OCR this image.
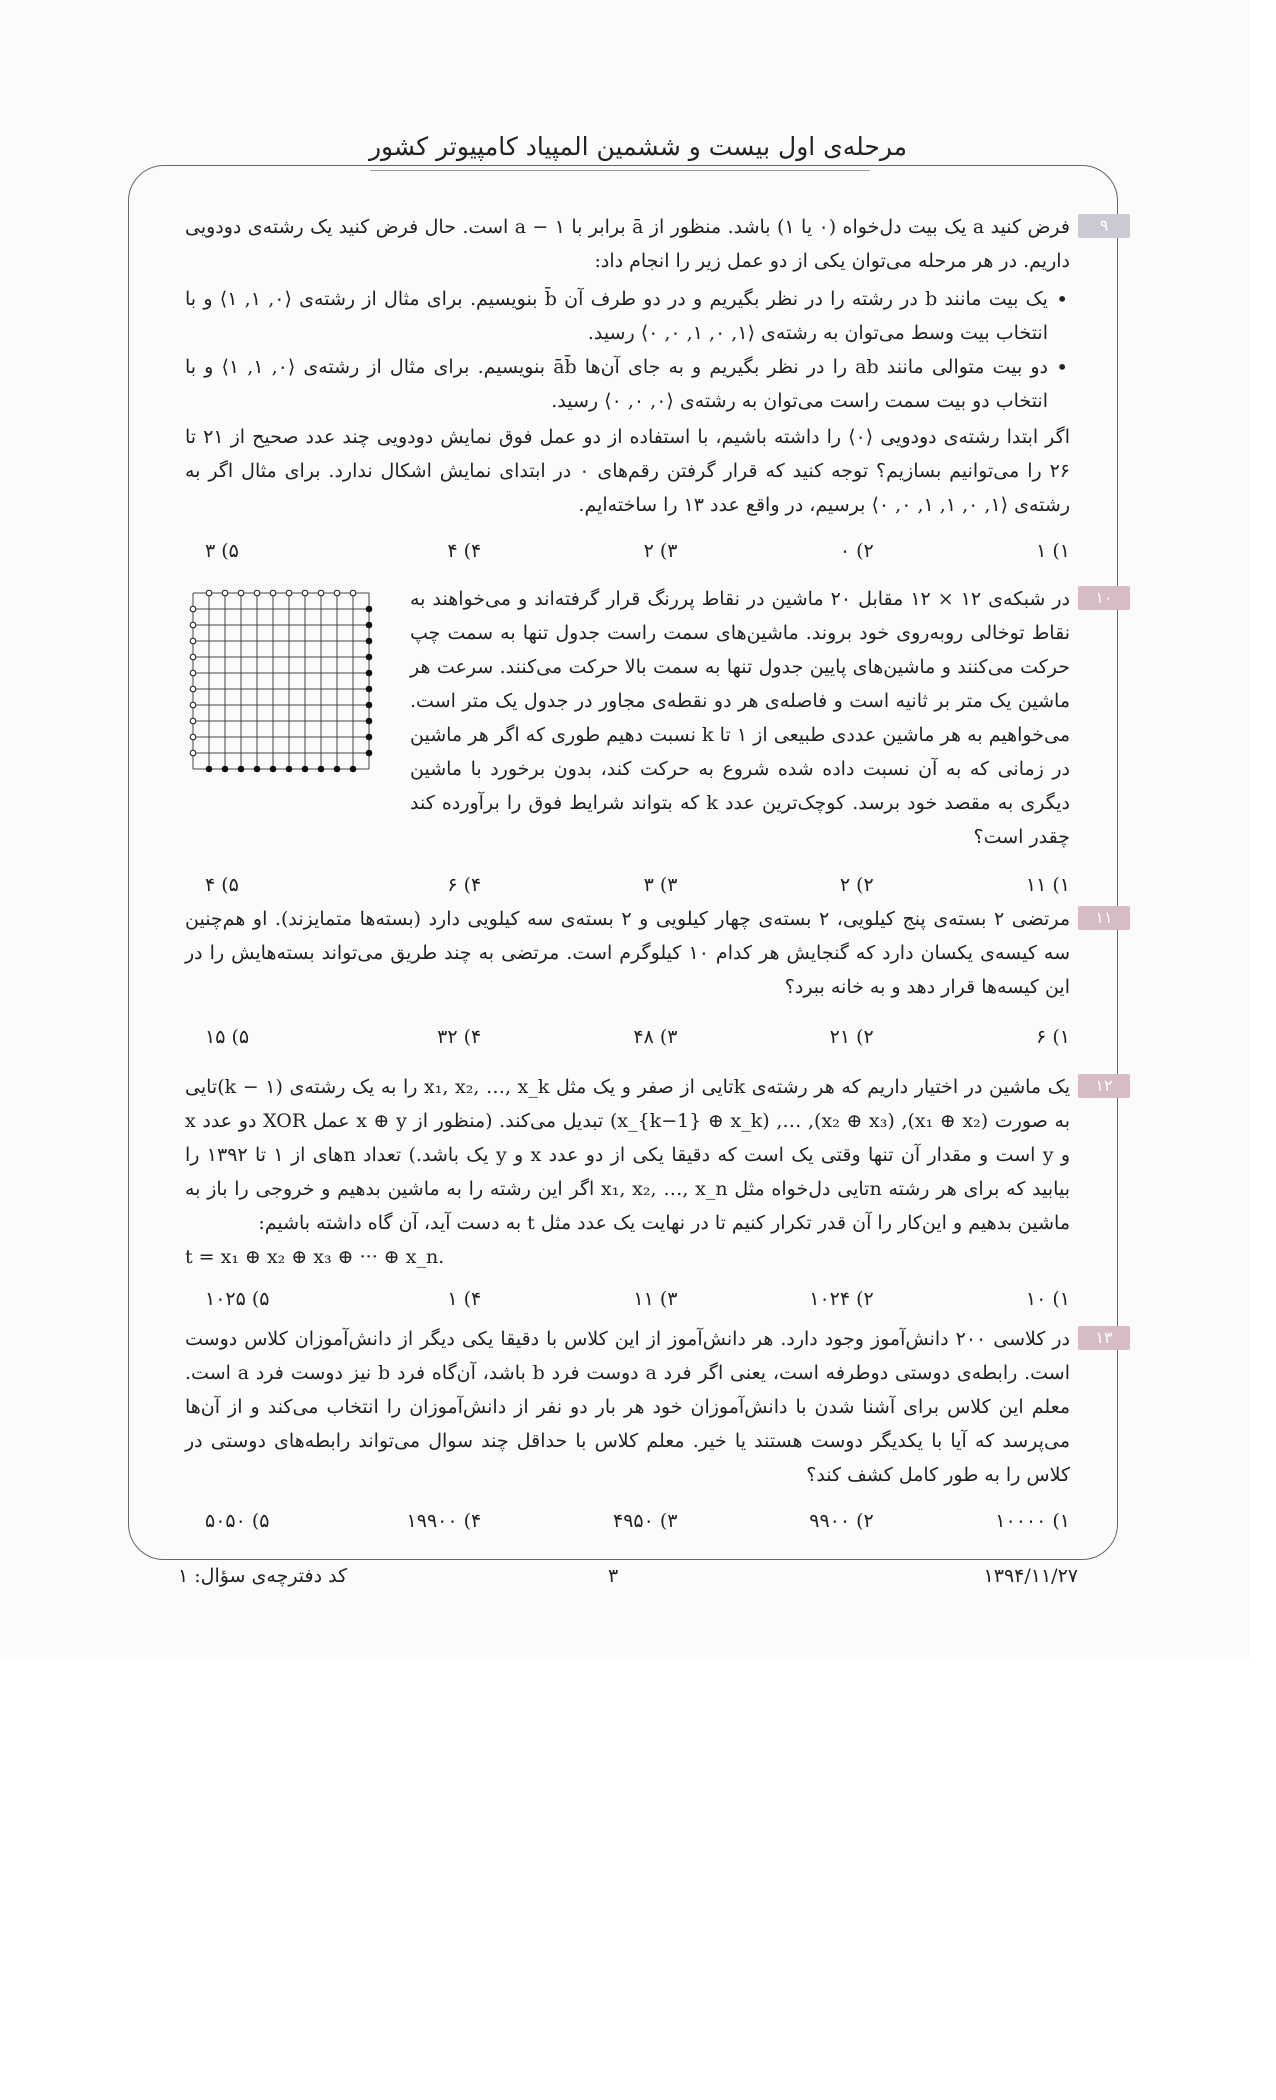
مرحله‌ی اول بیست و ششمین المپیاد کامپیوتر کشور
۹

فرض کنید a یک بیت دل‌خواه (۰ یا ۱) باشد. منظور از ā برابر با a − ۱ است. حال فرض کنید یک رشته‌ی دودویی داریم. در هر مرحله می‌توان یکی از دو عمل زیر را انجام داد:

• یک بیت مانند b در رشته را در نظر بگیریم و در دو طرف آن b̄ بنویسیم. برای مثال از رشته‌ی ⟨۰, ۱, ۱⟩ و با انتخاب بیت وسط می‌توان به رشته‌ی ⟨۱, ۰, ۱, ۰, ۰⟩ رسید.
• دو بیت متوالی مانند ab را در نظر بگیریم و به جای آن‌ها āb̄ بنویسیم. برای مثال از رشته‌ی ⟨۰, ۱, ۱⟩ و با انتخاب دو بیت سمت راست می‌توان به رشته‌ی ⟨۰, ۰, ۰⟩ رسید.

اگر ابتدا رشته‌ی دودویی ⟨۰⟩ را داشته باشیم، با استفاده از دو عمل فوق نمایش دودویی چند عدد صحیح از ۲۱ تا ۲۶ را می‌توانیم بسازیم؟ توجه کنید که قرار گرفتن رقم‌های ۰ در ابتدای نمایش اشکال ندارد. برای مثال اگر به رشته‌ی ⟨۱, ۰, ۱, ۱, ۰, ۰⟩ برسیم، در واقع عدد ۱۳ را ساخته‌ایم.

۱) ۱
۲) ۰
۳) ۲
۴) ۴
۵) ۳
۱۰

در شبکه‌ی ۱۲ × ۱۲ مقابل ۲۰ ماشین در نقاط پررنگ قرار گرفته‌اند و می‌خواهند به نقاط توخالی روبه‌روی خود بروند. ماشین‌های سمت راست جدول تنها به سمت چپ حرکت می‌کنند و ماشین‌های پایین جدول تنها به سمت بالا حرکت می‌کنند. سرعت هر ماشین یک متر بر ثانیه است و فاصله‌ی هر دو نقطه‌ی مجاور در جدول یک متر است. می‌خواهیم به هر ماشین عددی طبیعی از ۱ تا k نسبت دهیم طوری که اگر هر ماشین در زمانی که به آن نسبت داده شده شروع به حرکت کند، بدون برخورد با ماشین دیگری به مقصد خود برسد. کوچک‌ترین عدد k که بتواند شرایط فوق را برآورده کند چقدر است؟

۱) ۱۱
۲) ۲
۳) ۳
۴) ۶
۵) ۴
۱۱

مرتضی ۲ بسته‌ی پنج کیلویی، ۲ بسته‌ی چهار کیلویی و ۲ بسته‌ی سه کیلویی دارد (بسته‌ها متمایزند). او هم‌چنین سه کیسه‌ی یکسان دارد که گنجایش هر کدام ۱۰ کیلوگرم است. مرتضی به چند طریق می‌تواند بسته‌هایش را در این کیسه‌ها قرار دهد و به خانه ببرد؟

۱) ۶
۲) ۲۱
۳) ۴۸
۴) ۳۲
۵) ۱۵
۱۲

یک ماشین در اختیار داریم که هر رشته‌ی kتایی از صفر و یک مثل x₁, x₂, …, x_k را به یک رشته‌ی (k − ۱)تایی به صورت (x₁ ⊕ x₂), (x₂ ⊕ x₃), …, (x_{k−1} ⊕ x_k) تبدیل می‌کند. (منظور از x ⊕ y عمل XOR دو عدد x و y است و مقدار آن تنها وقتی یک است که دقیقا یکی از دو عدد x و y یک باشد.) تعداد nهای از ۱ تا ۱۳۹۲ را بیابید که برای هر رشته nتایی دل‌خواه مثل x₁, x₂, …, x_n اگر این رشته را به ماشین بدهیم و خروجی را باز به ماشین بدهیم و این‌کار را آن قدر تکرار کنیم تا در نهایت یک عدد مثل t به دست آید، آن گاه داشته باشیم:

t = x₁ ⊕ x₂ ⊕ x₃ ⊕ ··· ⊕ x_n.

۱) ۱۰
۲) ۱۰۲۴
۳) ۱۱
۴) ۱
۵) ۱۰۲۵
۱۳

در کلاسی ۲۰۰ دانش‌آموز وجود دارد. هر دانش‌آموز از این کلاس با دقیقا یکی دیگر از دانش‌آموزان کلاس دوست است. رابطه‌ی دوستی دوطرفه است، یعنی اگر فرد a دوست فرد b باشد، آن‌گاه فرد b نیز دوست فرد a است. معلم این کلاس برای آشنا شدن با دانش‌آموزان خود هر بار دو نفر از دانش‌آموزان را انتخاب می‌کند و از آن‌ها می‌پرسد که آیا با یکدیگر دوست هستند یا خیر. معلم کلاس با حداقل چند سوال می‌تواند رابطه‌های دوستی در کلاس را به طور کامل کشف کند؟

۱) ۱۰۰۰۰
۲) ۹۹۰۰
۳) ۴۹۵۰
۴) ۱۹۹۰۰
۵) ۵۰۵۰
کد دفترچه‌ی سؤال: ۱	۳	۱۳۹۴/۱۱/۲۷
